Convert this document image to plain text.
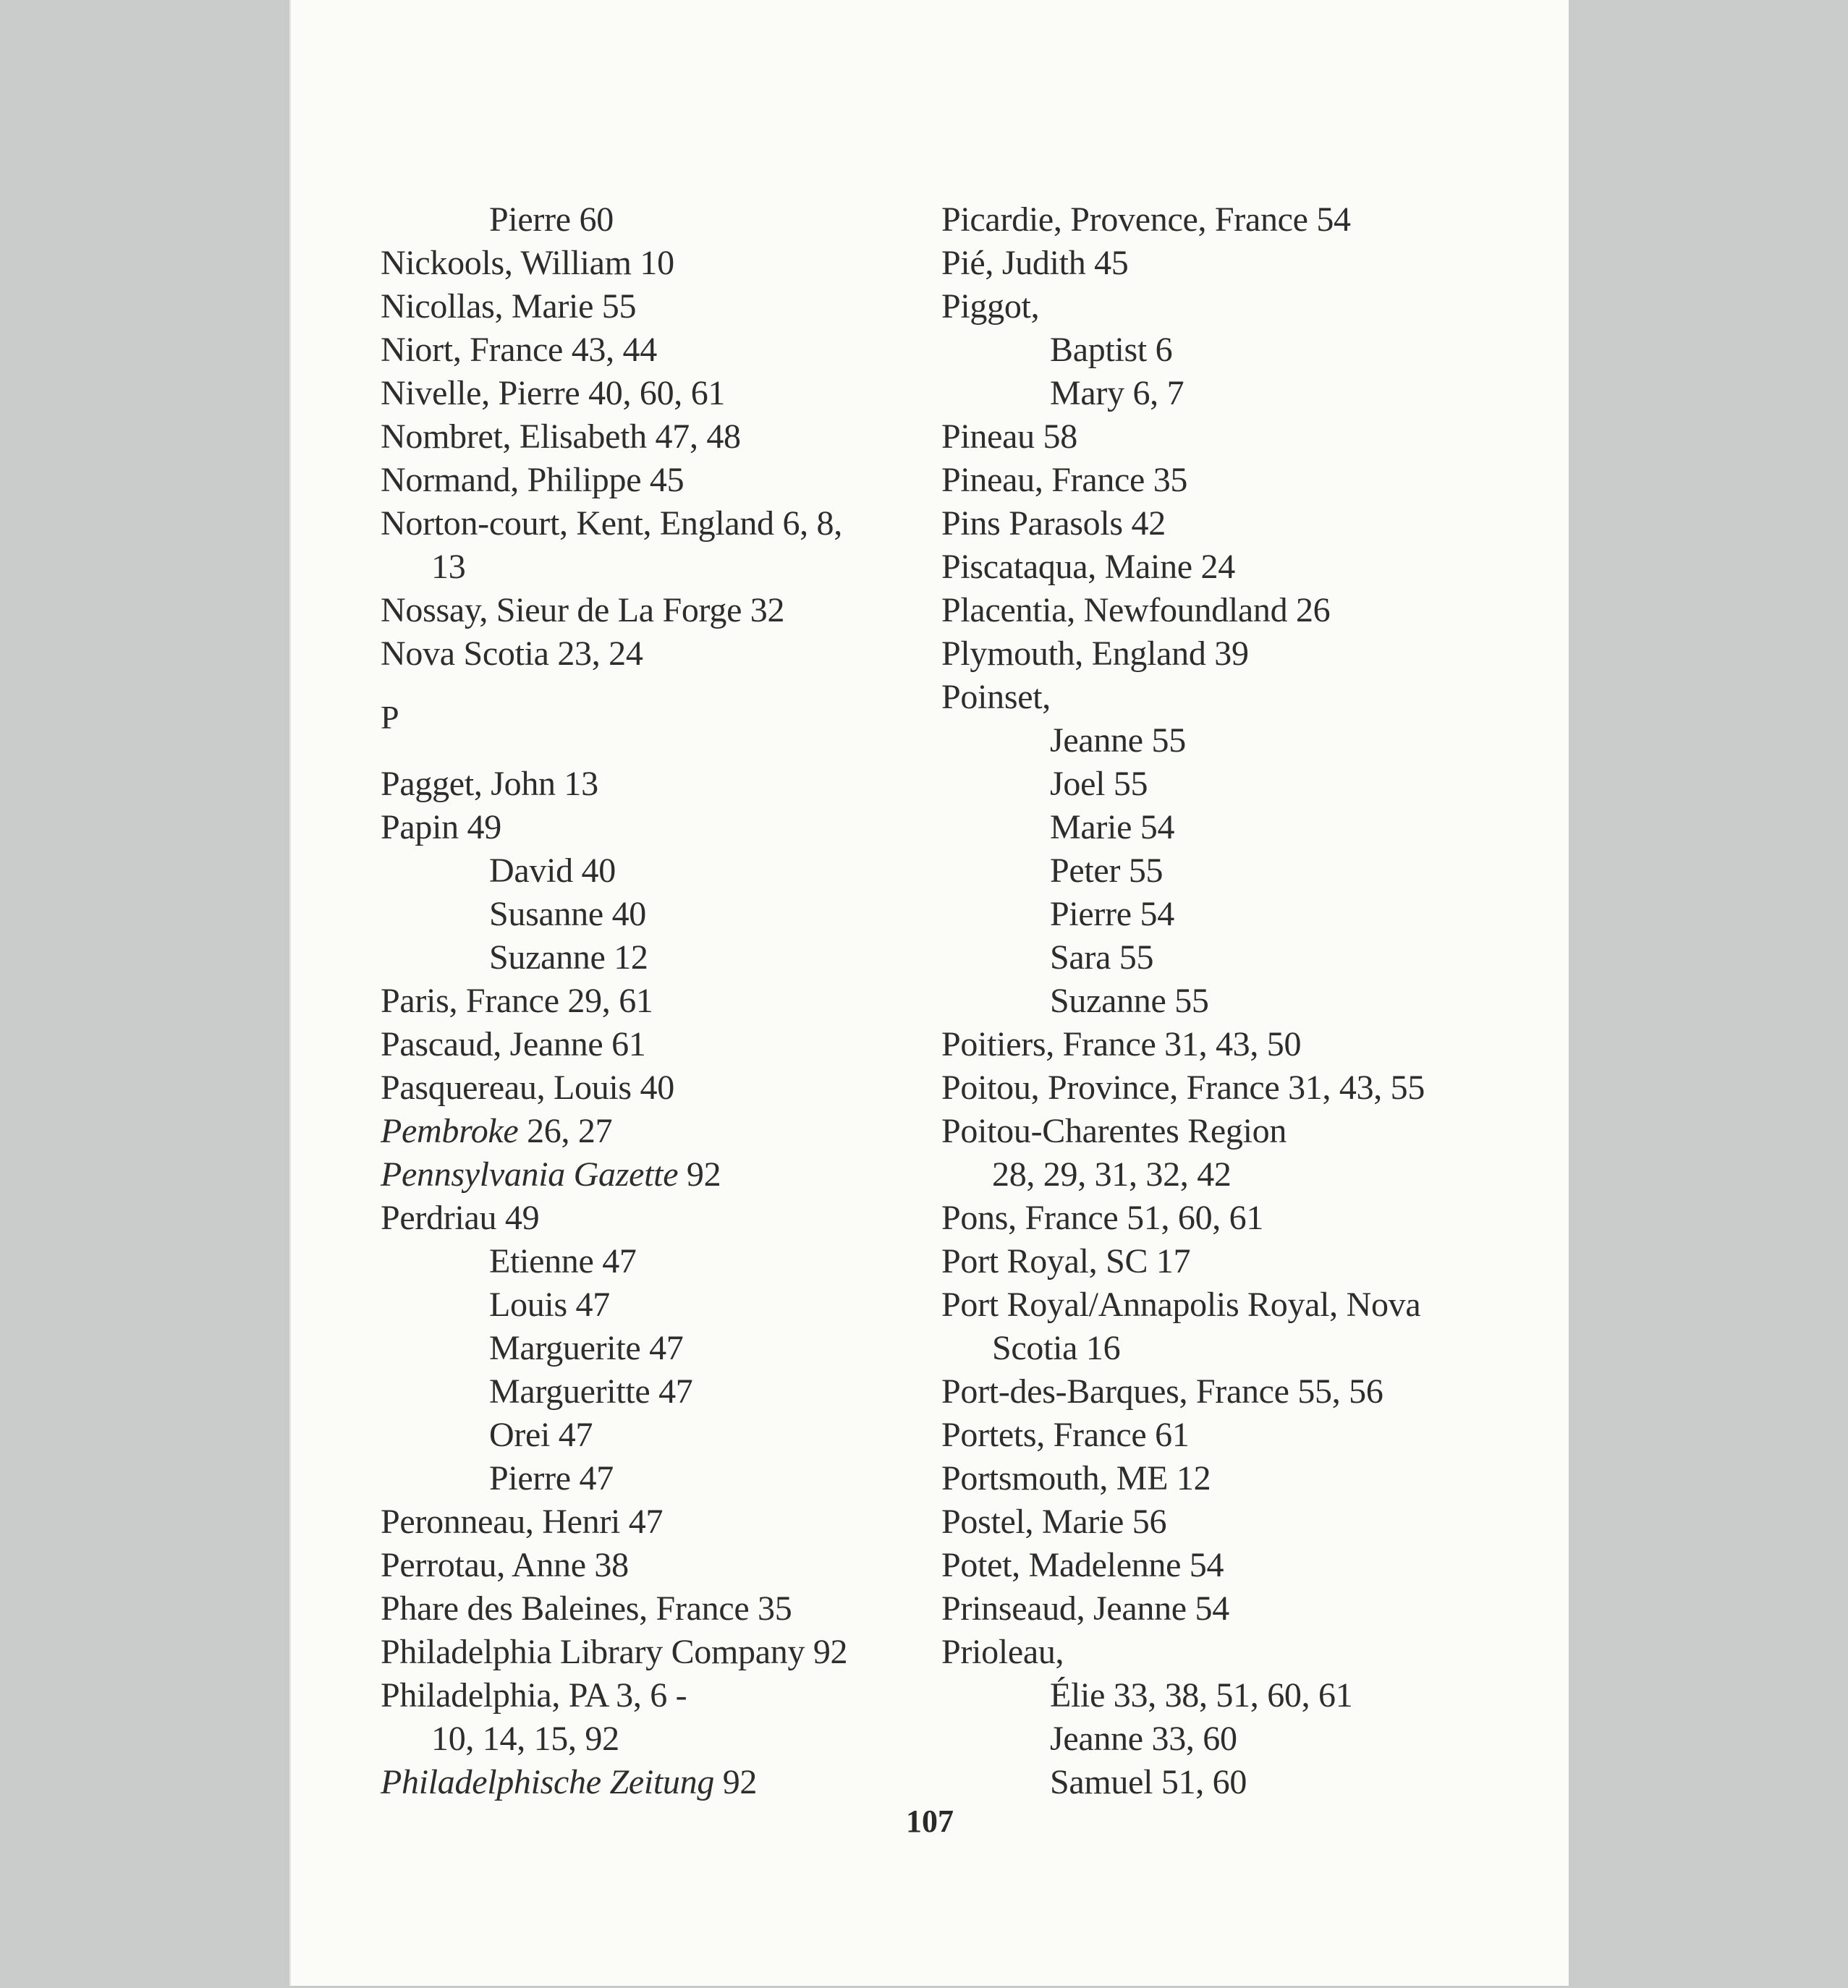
Pierre 60
Nickools, William 10
Nicollas, Marie 55
Niort, France 43, 44
Nivelle, Pierre 40, 60, 61
Nombret, Elisabeth 47, 48
Normand, Philippe 45
Norton-court, Kent, England 6, 8,
13
Nossay, Sieur de La Forge 32
Nova Scotia 23, 24
P
Pagget, John 13
Papin 49
David 40
Susanne 40
Suzanne 12
Paris, France 29, 61
Pascaud, Jeanne 61
Pasquereau, Louis 40
Pembroke 26, 27
Pennsylvania Gazette 92
Perdriau 49
Etienne 47
Louis 47
Marguerite 47
Margueritte 47
Orei 47
Pierre 47
Peronneau, Henri 47
Perrotau, Anne 38
Phare des Baleines, France 35
Philadelphia Library Company 92
Philadelphia, PA 3, 6 -
10, 14, 15, 92
Philadelphische Zeitung 92
Picardie, Provence, France 54
Pié, Judith 45
Piggot,
Baptist 6
Mary 6, 7
Pineau 58
Pineau, France 35
Pins Parasols 42
Piscataqua, Maine 24
Placentia, Newfoundland 26
Plymouth, England 39
Poinset,
Jeanne 55
Joel 55
Marie 54
Peter 55
Pierre 54
Sara 55
Suzanne 55
Poitiers, France 31, 43, 50
Poitou, Province, France 31, 43, 55
Poitou-Charentes Region
28, 29, 31, 32, 42
Pons, France 51, 60, 61
Port Royal, SC 17
Port Royal/Annapolis Royal, Nova
Scotia 16
Port-des-Barques, France 55, 56
Portets, France 61
Portsmouth, ME 12
Postel, Marie 56
Potet, Madelenne 54
Prinseaud, Jeanne 54
Prioleau,
Élie 33, 38, 51, 60, 61
Jeanne 33, 60
Samuel 51, 60
107
